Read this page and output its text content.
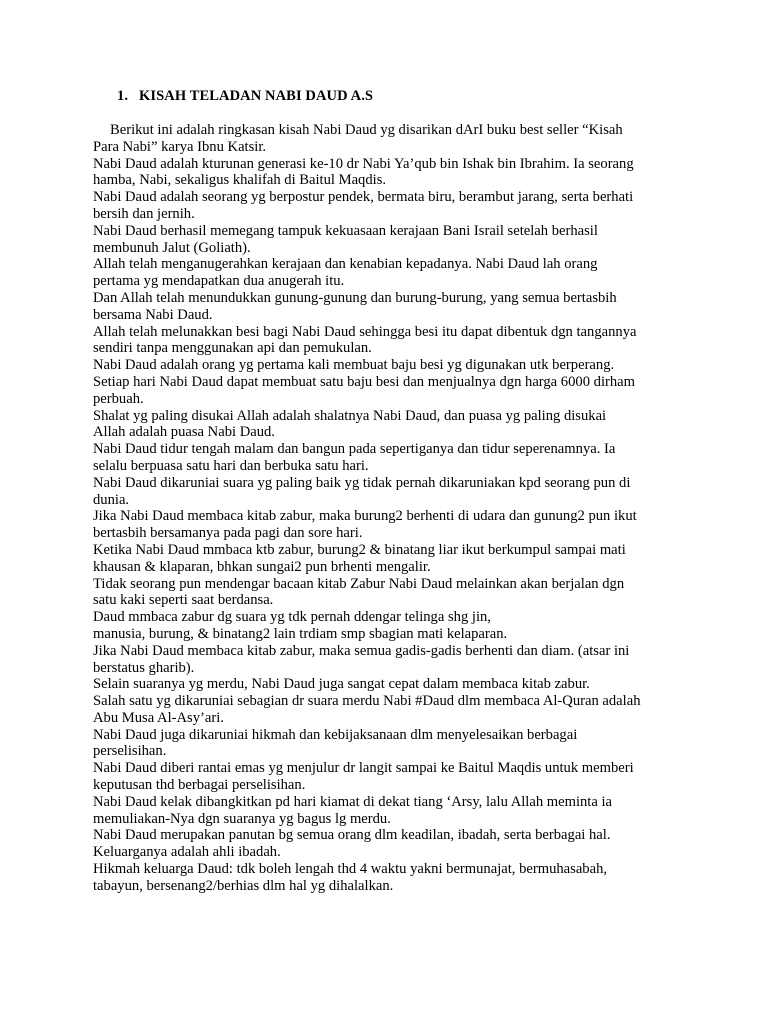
1. KISAH TELADAN NABI DAUD A.S
Berikut ini adalah ringkasan kisah Nabi Daud yg disarikan dArI buku best seller “Kisah
Para Nabi” karya Ibnu Katsir.
Nabi Daud adalah kturunan generasi ke-10 dr Nabi Ya’qub bin Ishak bin Ibrahim. Ia seorang
hamba, Nabi, sekaligus khalifah di Baitul Maqdis.
Nabi Daud adalah seorang yg berpostur pendek, bermata biru, berambut jarang, serta berhati
bersih dan jernih.
Nabi Daud berhasil memegang tampuk kekuasaan kerajaan Bani Israil setelah berhasil
membunuh Jalut (Goliath).
Allah telah menganugerahkan kerajaan dan kenabian kepadanya. Nabi Daud lah orang
pertama yg mendapatkan dua anugerah itu.
Dan Allah telah menundukkan gunung-gunung dan burung-burung, yang semua bertasbih
bersama Nabi Daud.
Allah telah melunakkan besi bagi Nabi Daud sehingga besi itu dapat dibentuk dgn tangannya
sendiri tanpa menggunakan api dan pemukulan.
Nabi Daud adalah orang yg pertama kali membuat baju besi yg digunakan utk berperang.
Setiap hari Nabi Daud dapat membuat satu baju besi dan menjualnya dgn harga 6000 dirham
perbuah.
Shalat yg paling disukai Allah adalah shalatnya Nabi Daud, dan puasa yg paling disukai
Allah adalah puasa Nabi Daud.
Nabi Daud tidur tengah malam dan bangun pada sepertiganya dan tidur seperenamnya. Ia
selalu berpuasa satu hari dan berbuka satu hari.
Nabi Daud dikaruniai suara yg paling baik yg tidak pernah dikaruniakan kpd seorang pun di
dunia.
Jika Nabi Daud membaca kitab zabur, maka burung2 berhenti di udara dan gunung2 pun ikut
bertasbih bersamanya pada pagi dan sore hari.
Ketika Nabi Daud mmbaca ktb zabur, burung2 & binatang liar ikut berkumpul sampai mati
khausan & klaparan, bhkan sungai2 pun brhenti mengalir.
Tidak seorang pun mendengar bacaan kitab Zabur Nabi Daud melainkan akan berjalan dgn
satu kaki seperti saat berdansa.
Daud mmbaca zabur dg suara yg tdk pernah ddengar telinga shg jin,
manusia, burung, & binatang2 lain trdiam smp sbagian mati kelaparan.
Jika Nabi Daud membaca kitab zabur, maka semua gadis-gadis berhenti dan diam. (atsar ini
berstatus gharib).
Selain suaranya yg merdu, Nabi Daud juga sangat cepat dalam membaca kitab zabur.
Salah satu yg dikaruniai sebagian dr suara merdu Nabi #Daud dlm membaca Al-Quran adalah
Abu Musa Al-Asy’ari.
Nabi Daud juga dikaruniai hikmah dan kebijaksanaan dlm menyelesaikan berbagai
perselisihan.
Nabi Daud diberi rantai emas yg menjulur dr langit sampai ke Baitul Maqdis untuk memberi
keputusan thd berbagai perselisihan.
Nabi Daud kelak dibangkitkan pd hari kiamat di dekat tiang ‘Arsy, lalu Allah meminta ia
memuliakan-Nya dgn suaranya yg bagus lg merdu.
Nabi Daud merupakan panutan bg semua orang dlm keadilan, ibadah, serta berbagai hal.
Keluarganya adalah ahli ibadah.
Hikmah keluarga Daud: tdk boleh lengah thd 4 waktu yakni bermunajat, bermuhasabah,
tabayun, bersenang2/berhias dlm hal yg dihalalkan.
